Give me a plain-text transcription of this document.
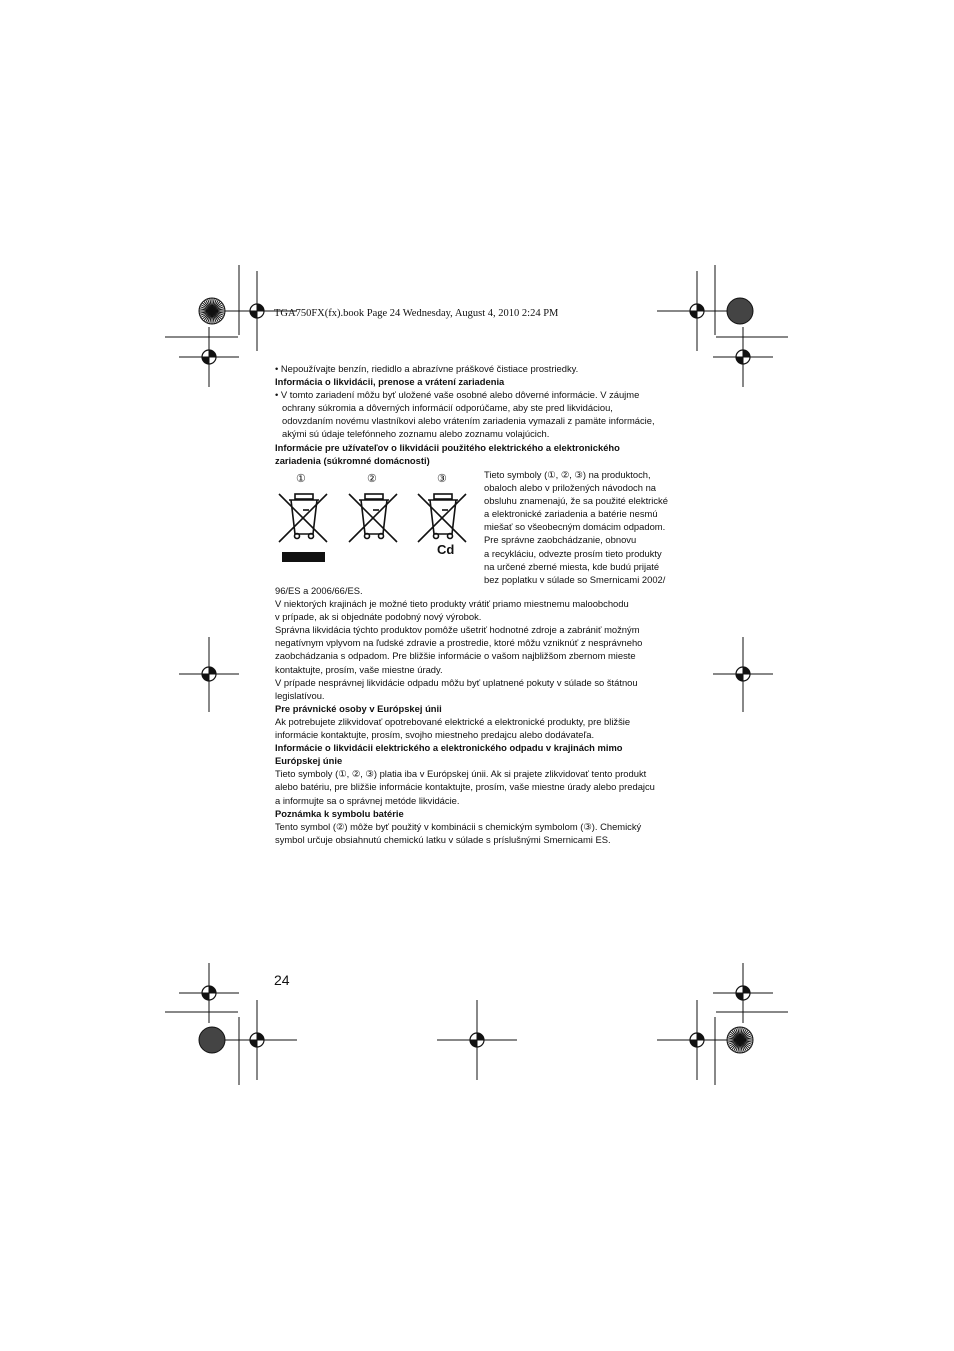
TGA750FX(fx).book Page 24 Wednesday, August 4, 2010 2:24 PM

• Nepoužívajte benzín, riedidlo a abrazívne práškové čistiace prostriedky.

Informácia o likvidácii, prenose a vrátení zariadenia

• V tomto zariadení môžu byť uložené vaše osobné alebo dôverné informácie. V záujme

ochrany súkromia a dôverných informácií odporúčame, aby ste pred likvidáciou,

odovzdaním novému vlastníkovi alebo vrátením zariadenia vymazali z pamäte informácie,

akými sú údaje telefónneho zoznamu alebo zoznamu volajúcich.

Informácie pre užívateľov o likvidácii použitého elektrického a elektronického

zariadenia (súkromné domácnosti)

①	②	③
Cd

Tieto symboly (①, ②, ③) na produktoch,

obaloch alebo v priložených návodoch na

obsluhu znamenajú, že sa použité elektrické

a elektronické zariadenia a batérie nesmú

miešať so všeobecným domácim odpadom.

Pre správne zaobchádzanie, obnovu

a recykláciu, odvezte prosím tieto produkty

na určené zberné miesta, kde budú prijaté

bez poplatku v súlade so Smernicami 2002/

96/ES a 2006/66/ES.

V niektorých krajinách je možné tieto produkty vrátiť priamo miestnemu maloobchodu

v prípade, ak si objednáte podobný nový výrobok.

Správna likvidácia týchto produktov pomôže ušetriť hodnotné zdroje a zabrániť možným

negatívnym vplyvom na ľudské zdravie a prostredie, ktoré môžu vzniknúť z nesprávneho

zaobchádzania s odpadom. Pre bližšie informácie o vašom najbližšom zbernom mieste

kontaktujte, prosím, vaše miestne úrady.

V prípade nesprávnej likvidácie odpadu môžu byť uplatnené pokuty v súlade so štátnou

legislatívou.

Pre právnické osoby v Európskej únii

Ak potrebujete zlikvidovať opotrebované elektrické a elektronické produkty, pre bližšie

informácie kontaktujte, prosím, svojho miestneho predajcu alebo dodávateľa.

Informácie o likvidácii elektrického a elektronického odpadu v krajinách mimo

Európskej únie

Tieto symboly (①, ②, ③) platia iba v Európskej únii. Ak si prajete zlikvidovať tento produkt

alebo batériu, pre bližšie informácie kontaktujte, prosím, vaše miestne úrady alebo predajcu

a informujte sa o správnej metóde likvidácie.

Poznámka k symbolu batérie

Tento symbol (②) môže byť použitý v kombinácii s chemickým symbolom (③). Chemický

symbol určuje obsiahnutú chemickú latku v súlade s príslušnými Smernicami ES.

24
